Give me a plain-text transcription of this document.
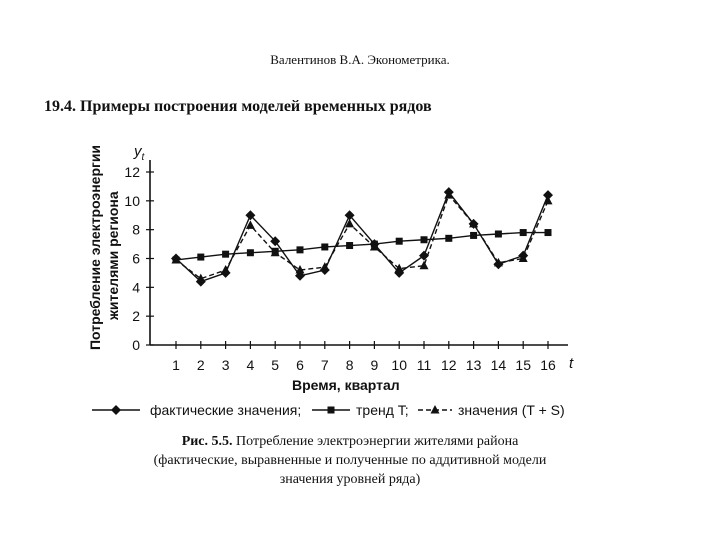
Валентинов В.А. Эконометрика.
19.4. Примеры построения моделей временных рядов
0
2
4
6
8
10
12
1 2 3 4 5 6 7 8 9 10 11 12 13 14 15 16
фактические значения;	тренд T;	значения (T + S)
Потребление электроэнергии жителями региона
Время, квартал
$y_t$
t
Рис. 5.5. Потребление электроэнергии жителями района
(фактические, выравненные и полученные по аддитивной модели
значения уровней ряда)
